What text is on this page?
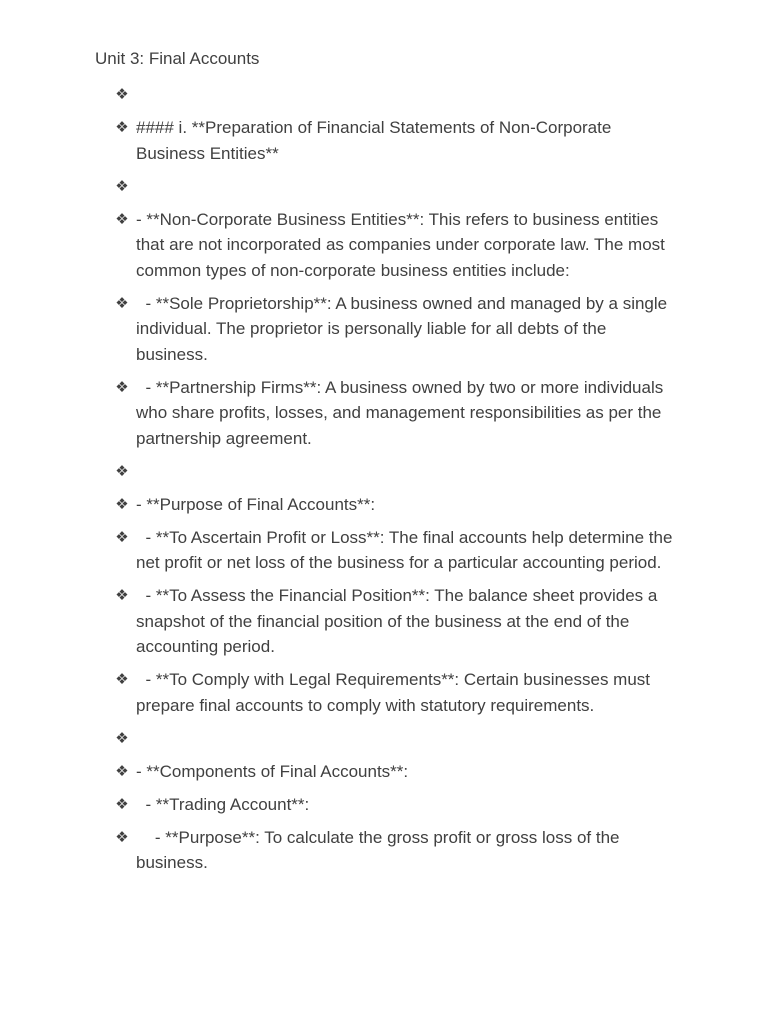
Unit 3: Final Accounts
❖
❖ #### i. **Preparation of Financial Statements of Non-Corporate Business Entities**
❖
❖ - **Non-Corporate Business Entities**: This refers to business entities that are not incorporated as companies under corporate law. The most common types of non-corporate business entities include:
❖ - **Sole Proprietorship**: A business owned and managed by a single individual. The proprietor is personally liable for all debts of the business.
❖ - **Partnership Firms**: A business owned by two or more individuals who share profits, losses, and management responsibilities as per the partnership agreement.
❖
❖ - **Purpose of Final Accounts**:
❖ - **To Ascertain Profit or Loss**: The final accounts help determine the net profit or net loss of the business for a particular accounting period.
❖ - **To Assess the Financial Position**: The balance sheet provides a snapshot of the financial position of the business at the end of the accounting period.
❖ - **To Comply with Legal Requirements**: Certain businesses must prepare final accounts to comply with statutory requirements.
❖
❖ - **Components of Final Accounts**:
❖ - **Trading Account**:
❖ - **Purpose**: To calculate the gross profit or gross loss of the business.
